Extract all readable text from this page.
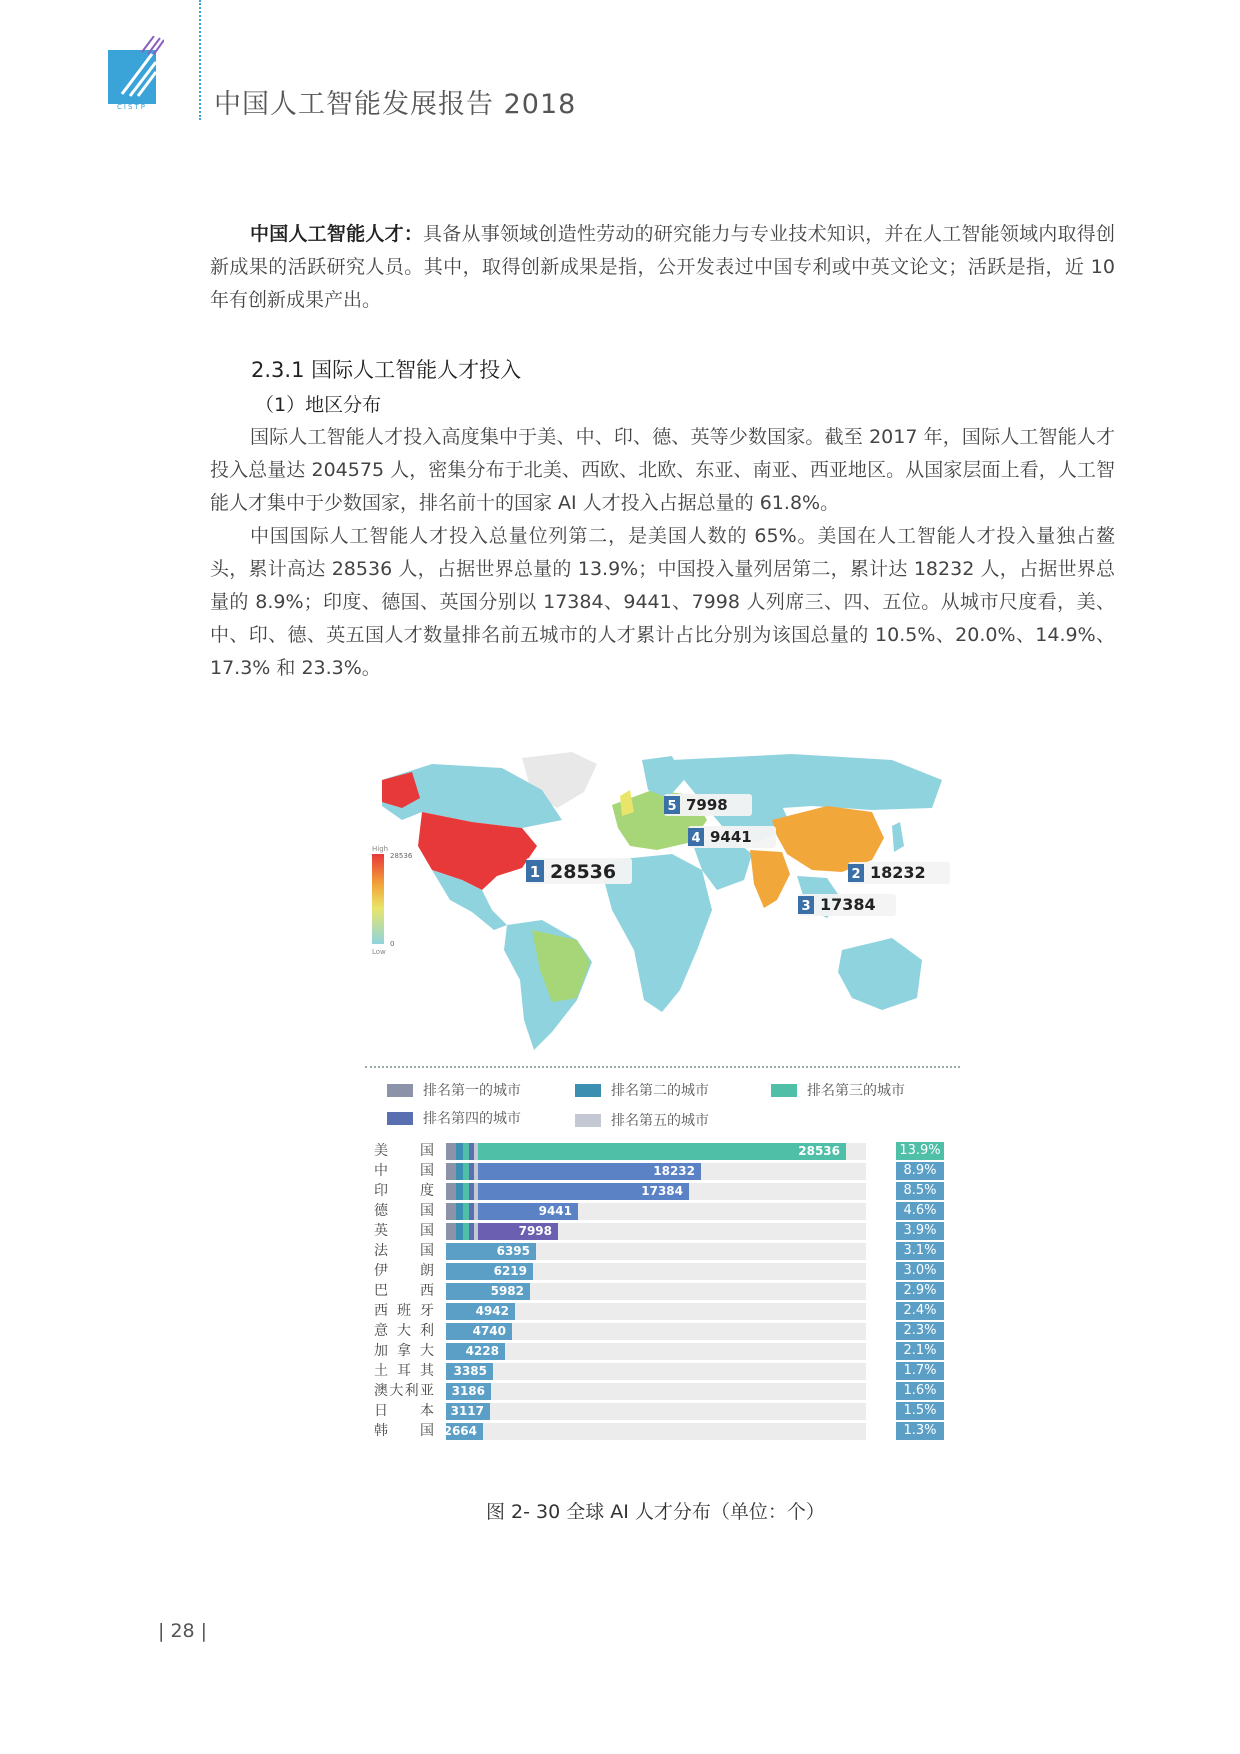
CISTP 中国人工智能发展报告 2018

中国人工智能人才：具备从事领域创造性劳动的研究能力与专业技术知识，并在人工智能领域内取得创新成果的活跃研究人员。其中，取得创新成果是指，公开发表过中国专利或中英文论文；活跃是指，近 10 年有创新成果产出。

2.3.1 国际人工智能人才投入
（1）地区分布

国际人工智能人才投入高度集中于美、中、印、德、英等少数国家。截至 2017 年，国际人工智能人才投入总量达 204575 人，密集分布于北美、西欧、北欧、东亚、南亚、西亚地区。从国家层面上看，人工智能人才集中于少数国家，排名前十的国家 AI 人才投入占据总量的 61.8%。

中国国际人工智能人才投入总量位列第二，是美国人数的 65%。美国在人工智能人才投入量独占鳌头，累计高达 28536 人，占据世界总量的 13.9%；中国投入量列居第二，累计达 18232 人，占据世界总量的 8.9%；印度、德国、英国分别以 17384、9441、7998 人列席三、四、五位。从城市尺度看，美、中、印、德、英五国人才数量排名前五城市的人才累计占比分别为该国总量的 10.5%、20.0%、14.9%、17.3% 和 23.3%。

High
28536
0
Low
1 28536	2 18232
3 17384
4 9441
5 7998
排名第一的城市	排名第二的城市	排名第三的城市
排名第四的城市	排名第五的城市
美　国	28536	13.9%
中　国	18232	8.9%
印　度	17384	8.5%
德　国	9441	4.6%
英　国	7998	3.9%
法　国	6395	3.1%
伊　朗	6219	3.0%
巴　西	5982	2.9%
西班牙	4942	2.4%
意大利	4740	2.3%
加拿大	4228	2.1%
土耳其 3385	1.7%
澳大利亚 3186	1.6%
日　本 3117	1.5%
韩　国 2664	1.3%
图 2- 30 全球 AI 人才分布（单位：个）
| 28 |
